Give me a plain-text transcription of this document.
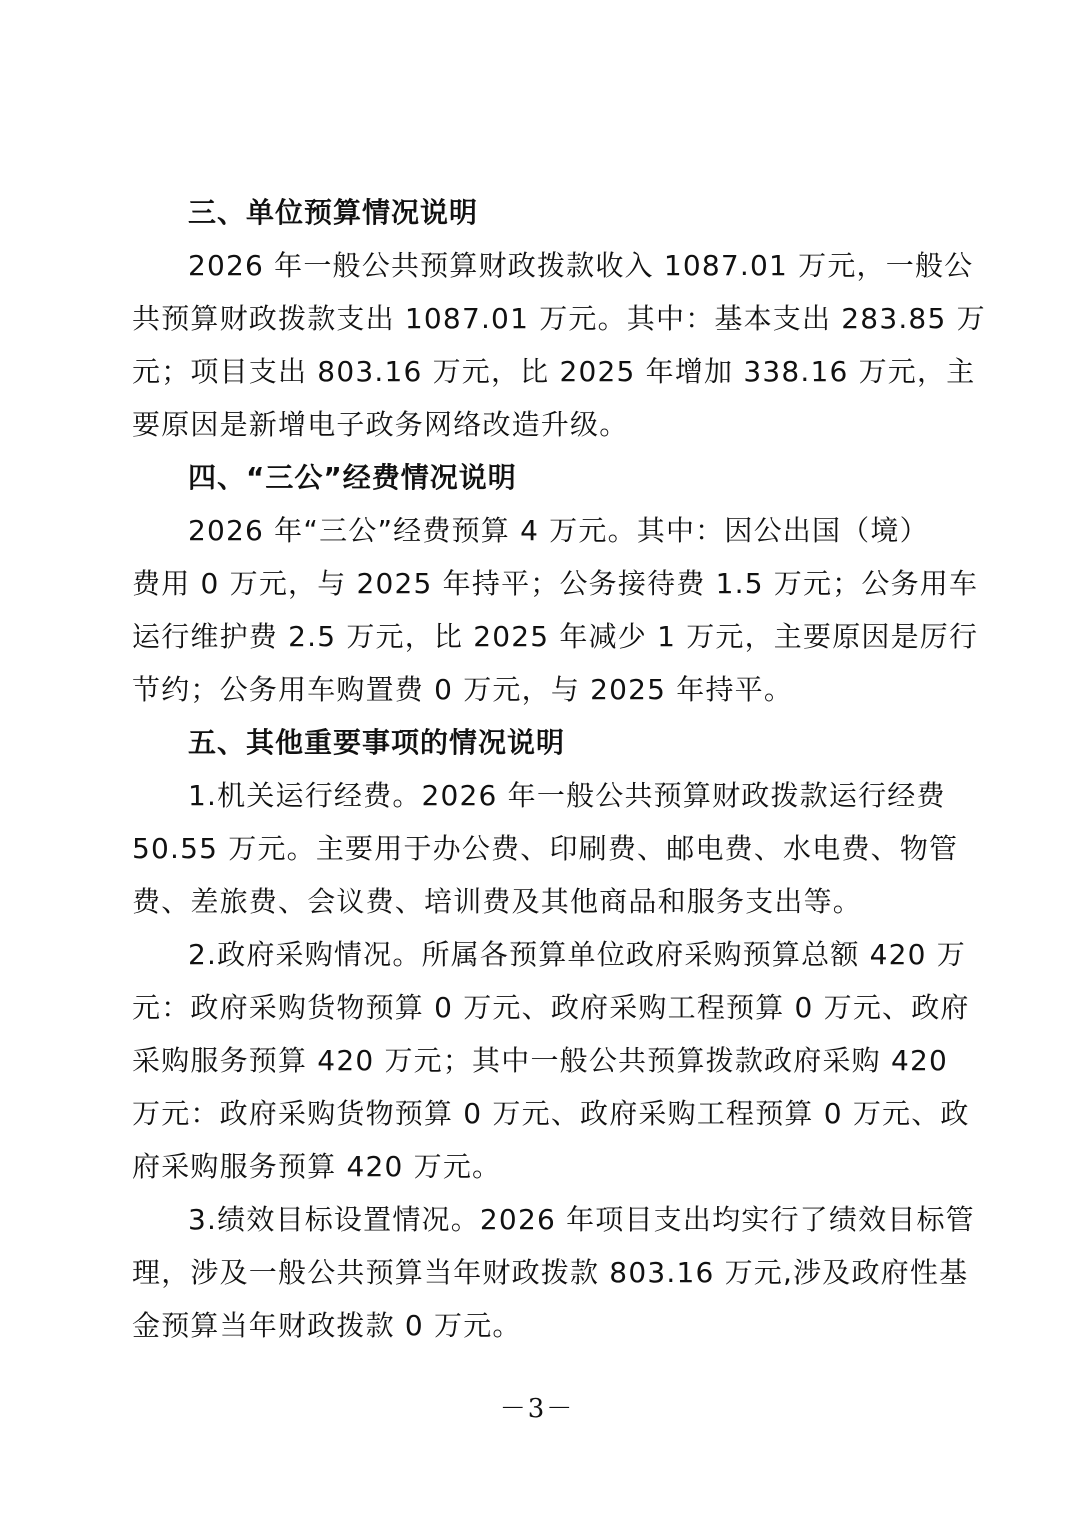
三、单位预算情况说明

2026 年一般公共预算财政拨款收入 1087.01 万元，一般公
共预算财政拨款支出 1087.01 万元。其中：基本支出 283.85 万
元；项目支出 803.16 万元，比 2025 年增加 338.16 万元，主
要原因是新增电子政务网络改造升级。

四、“三公”经费情况说明

2026 年“三公”经费预算 4 万元。其中：因公出国（境）
费用 0 万元，与 2025 年持平；公务接待费 1.5 万元；公务用车
运行维护费 2.5 万元，比 2025 年减少 1 万元，主要原因是厉行
节约；公务用车购置费 0 万元，与 2025 年持平。

五、其他重要事项的情况说明

1.机关运行经费。2026 年一般公共预算财政拨款运行经费
50.55 万元。主要用于办公费、印刷费、邮电费、水电费、物管
费、差旅费、会议费、培训费及其他商品和服务支出等。

2.政府采购情况。所属各预算单位政府采购预算总额 420 万
元：政府采购货物预算 0 万元、政府采购工程预算 0 万元、政府
采购服务预算 420 万元；其中一般公共预算拨款政府采购 420
万元：政府采购货物预算 0 万元、政府采购工程预算 0 万元、政
府采购服务预算 420 万元。

3.绩效目标设置情况。2026 年项目支出均实行了绩效目标管
理，涉及一般公共预算当年财政拨款 803.16 万元,涉及政府性基
金预算当年财政拨款 0 万元。

－3－
